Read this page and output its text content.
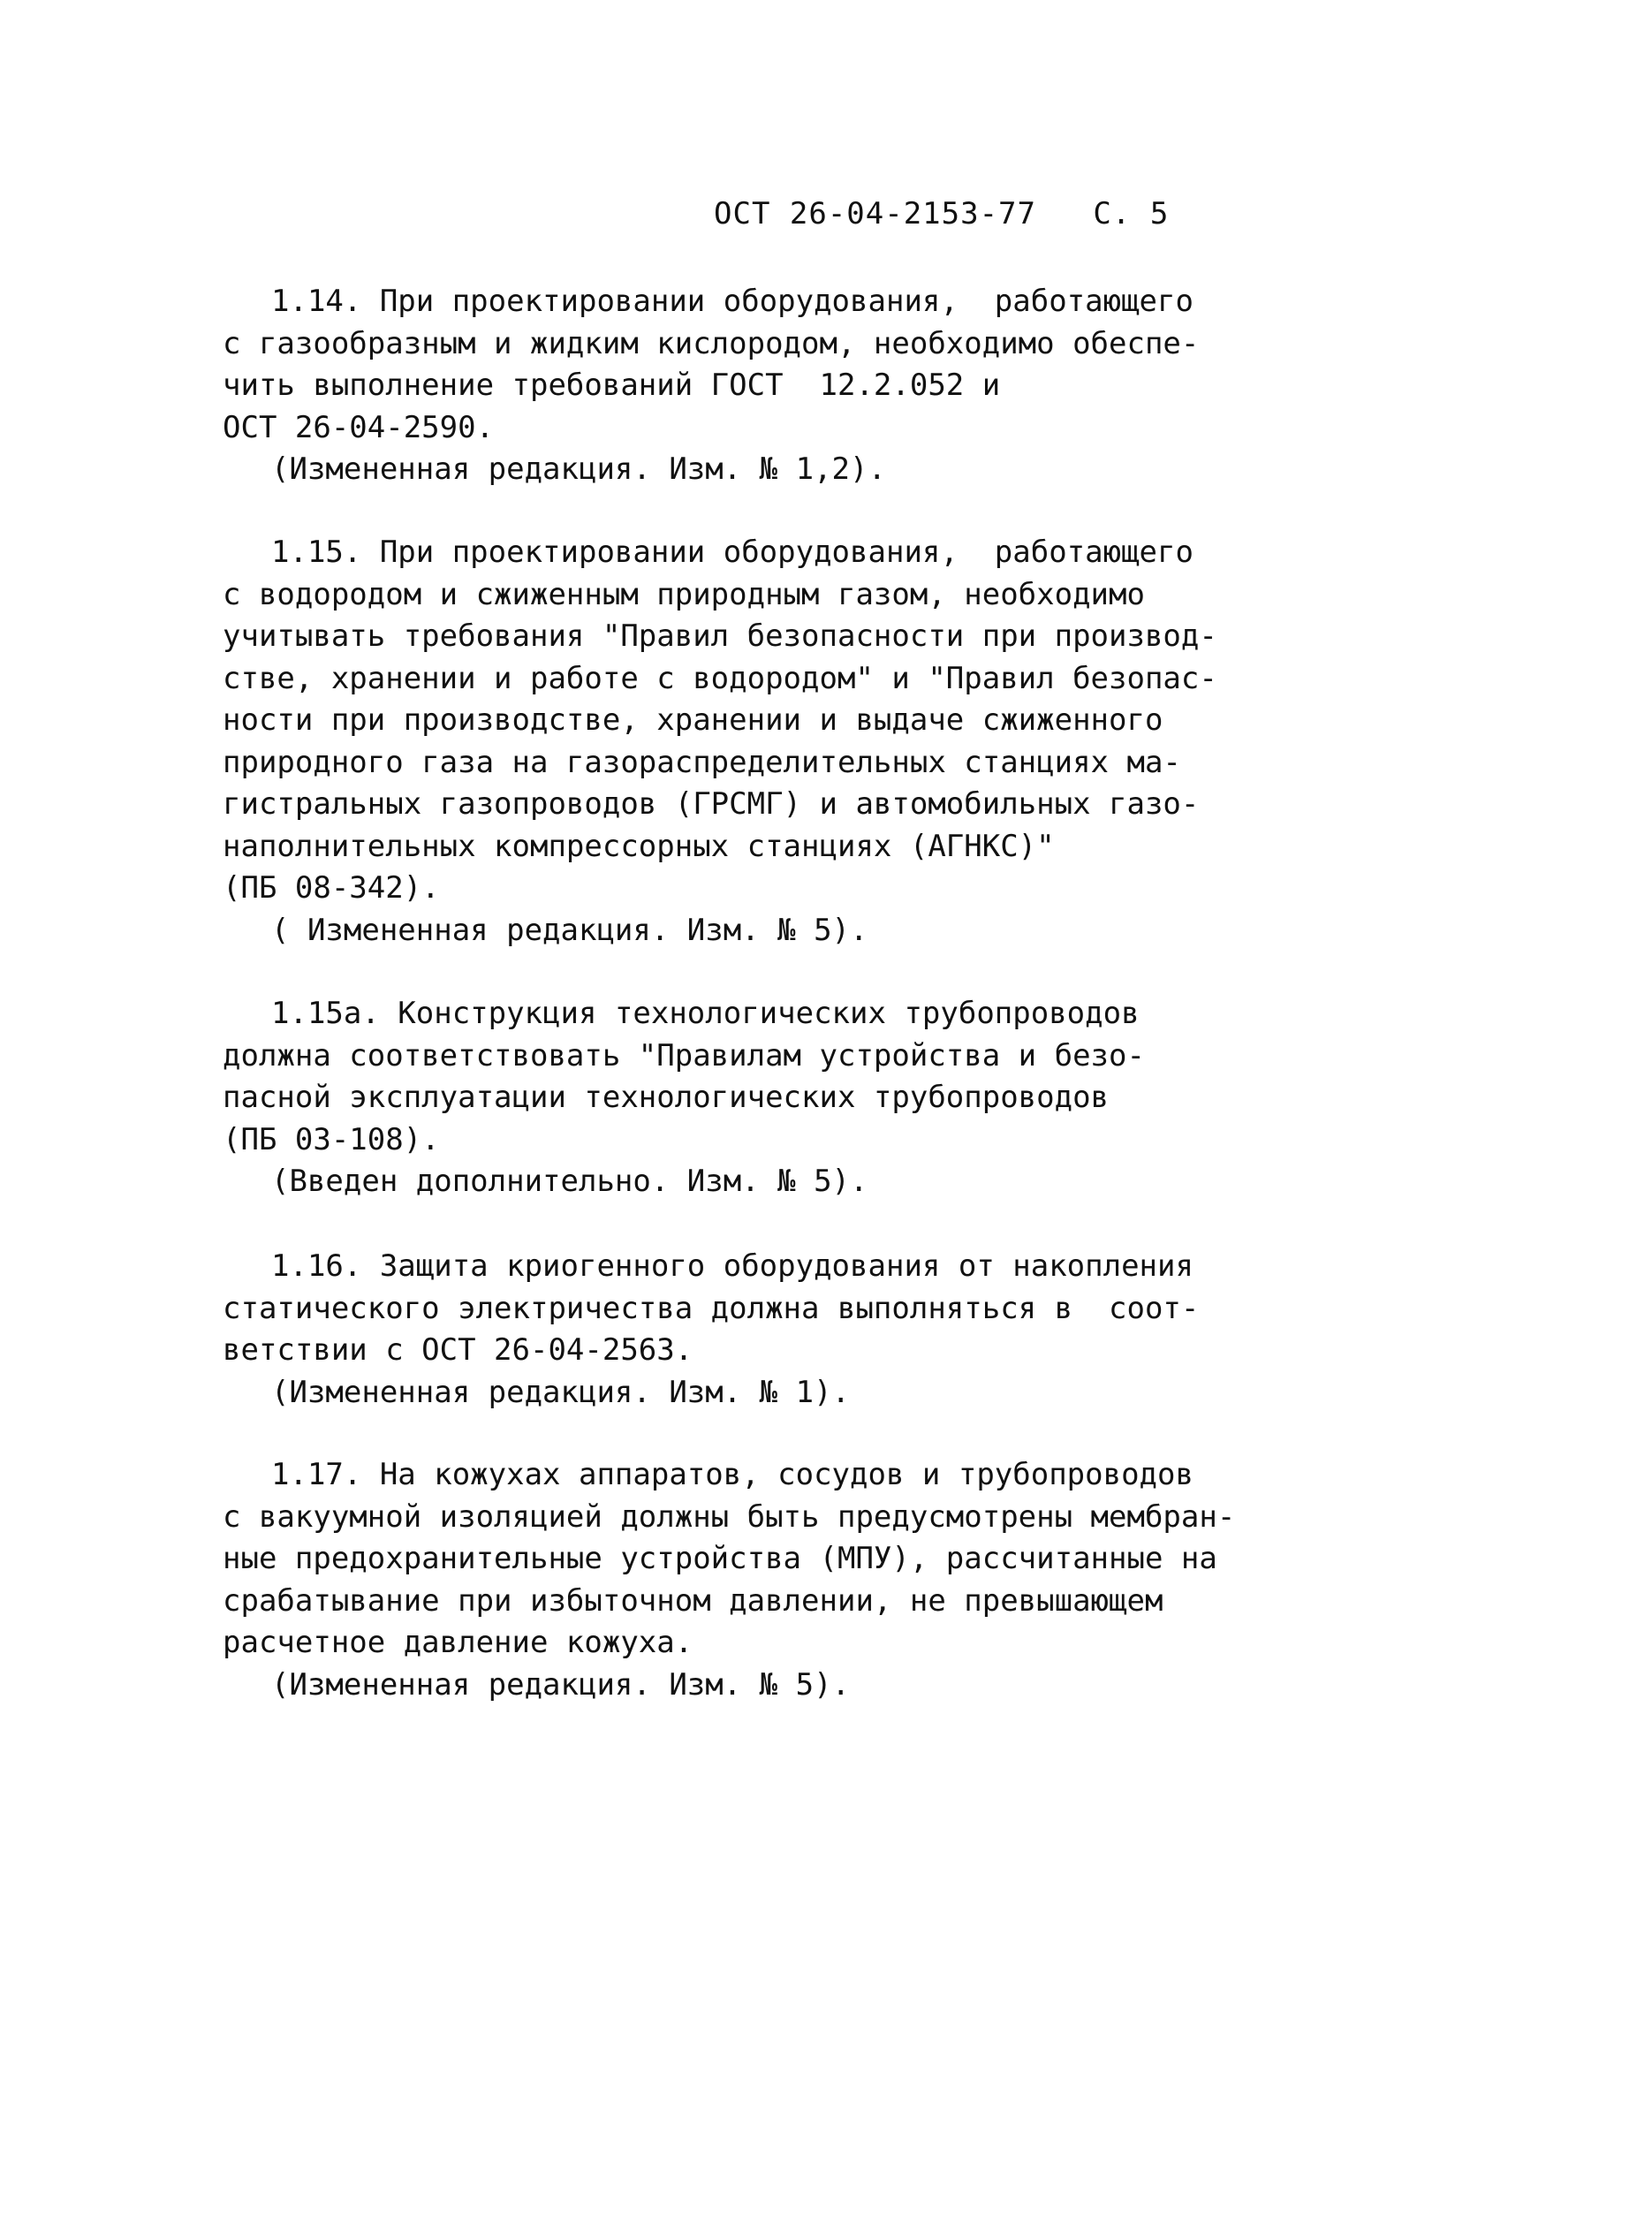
ОСТ 26-04-2153-77 С. 5
1.14. При проектировании оборудования,  работающего
с газообразным и жидким кислородом, необходимо обеспе-
чить выполнение требований ГОСТ  12.2.052 и
ОСТ 26-04-2590.
(Измененная редакция. Изм. № 1,2).
1.15. При проектировании оборудования,  работающего
с водородом и сжиженным природным газом, необходимо
учитывать требования "Правил безопасности при производ-
стве, хранении и работе с водородом" и "Правил безопас-
ности при производстве, хранении и выдаче сжиженного
природного газа на газораспределительных станциях ма-
гистральных газопроводов (ГРСМГ) и автомобильных газо-
наполнительных компрессорных станциях (АГНКС)"
(ПБ 08-342).
( Измененная редакция. Изм. № 5).
1.15а. Конструкция технологических трубопроводов
должна соответствовать "Правилам устройства и безо-
пасной эксплуатации технологических трубопроводов
(ПБ 03-108).
(Введен дополнительно. Изм. № 5).
1.16. Защита криогенного оборудования от накопления
статического электричества должна выполняться в  соот-
ветствии с ОСТ 26-04-2563.
(Измененная редакция. Изм. № 1).
1.17. На кожухах аппаратов, сосудов и трубопроводов
с вакуумной изоляцией должны быть предусмотрены мембран-
ные предохранительные устройства (МПУ), рассчитанные на
срабатывание при избыточном давлении, не превышающем
расчетное давление кожуха.
(Измененная редакция. Изм. № 5).
